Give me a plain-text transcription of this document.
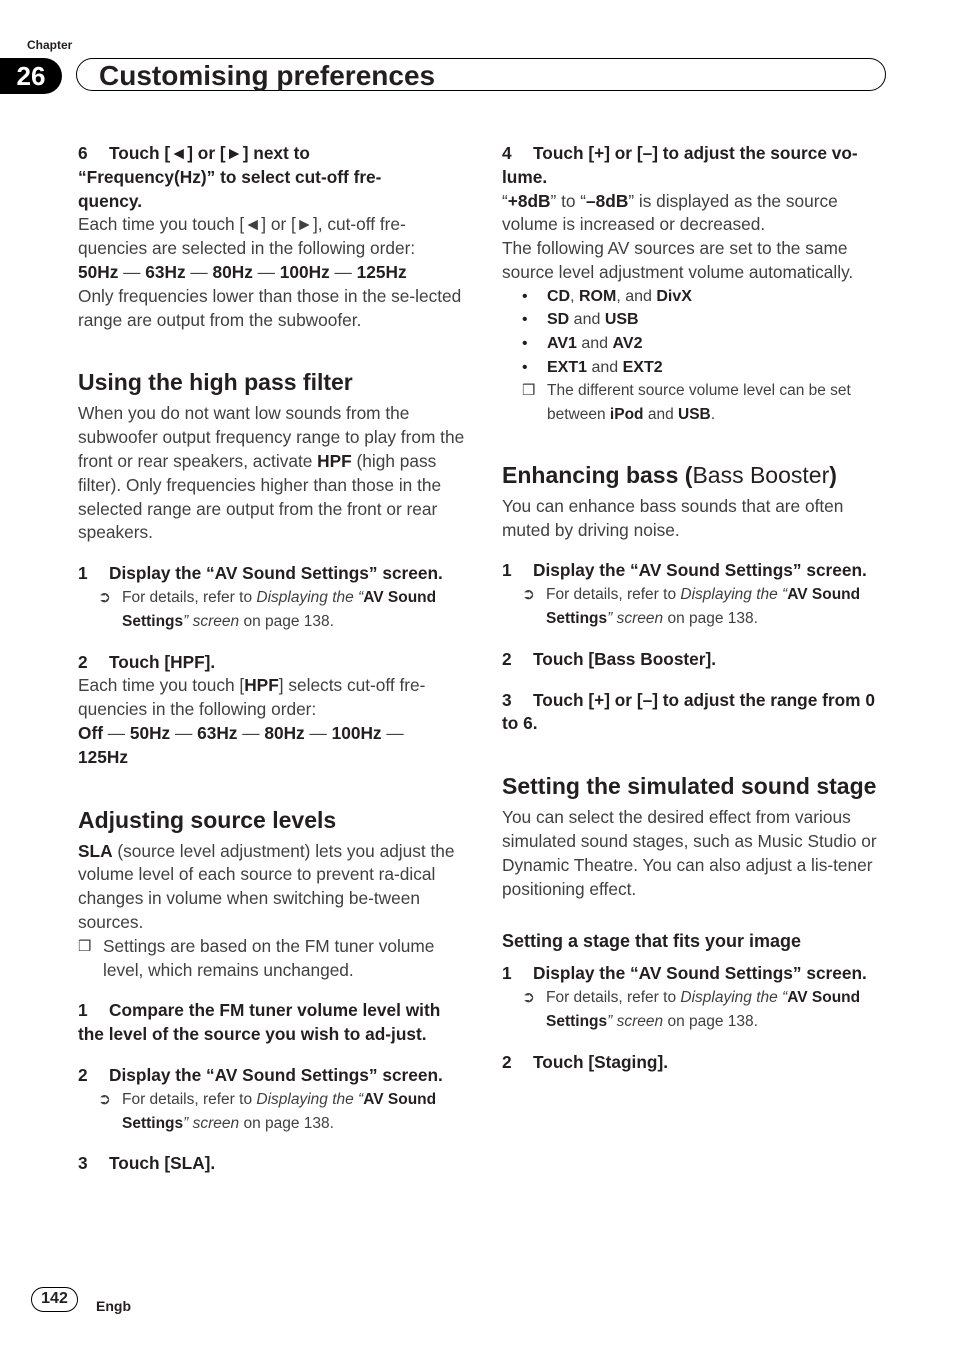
Chapter
26	Customising preferences

6 Touch [◄] or [►] next to “Frequency(Hz)” to select cut-off fre-quency.

Each time you touch [◄] or [►], cut-off fre-quencies are selected in the following order:

50Hz — 63Hz — 80Hz — 100Hz — 125Hz

Only frequencies lower than those in the se-lected range are output from the subwoofer.

Using the high pass filter

When you do not want low sounds from the subwoofer output frequency range to play from the front or rear speakers, activate HPF (high pass filter). Only frequencies higher than those in the selected range are output from the front or rear speakers.

1 Display the “AV Sound Settings” screen.

➲ For details, refer to Displaying the “AV Sound Settings” screen on page 138.

2 Touch [HPF].

Each time you touch [HPF] selects cut-off fre-quencies in the following order:

Off — 50Hz — 63Hz — 80Hz — 100Hz — 125Hz

Adjusting source levels

SLA (source level adjustment) lets you adjust the volume level of each source to prevent ra-dical changes in volume when switching be-tween sources.

❒ Settings are based on the FM tuner volume level, which remains unchanged.

1 Compare the FM tuner volume level with the level of the source you wish to ad-just.

2 Display the “AV Sound Settings” screen.

➲ For details, refer to Displaying the “AV Sound Settings” screen on page 138.

3 Touch [SLA].

4 Touch [+] or [–] to adjust the source vo-lume.

“+8dB” to “–8dB” is displayed as the source volume is increased or decreased.

The following AV sources are set to the same source level adjustment volume automatically.

• CD, ROM, and DivX

• SD and USB

• AV1 and AV2

• EXT1 and EXT2

❒ The different source volume level can be set between iPod and USB.

Enhancing bass (Bass Booster)

You can enhance bass sounds that are often muted by driving noise.

1 Display the “AV Sound Settings” screen.

➲ For details, refer to Displaying the “AV Sound Settings” screen on page 138.

2 Touch [Bass Booster].

3 Touch [+] or [–] to adjust the range from 0 to 6.

Setting the simulated sound stage

You can select the desired effect from various simulated sound stages, such as Music Studio or Dynamic Theatre. You can also adjust a lis-tener positioning effect.

Setting a stage that fits your image

1 Display the “AV Sound Settings” screen.

➲ For details, refer to Displaying the “AV Sound Settings” screen on page 138.

2 Touch [Staging].

142	Engb
